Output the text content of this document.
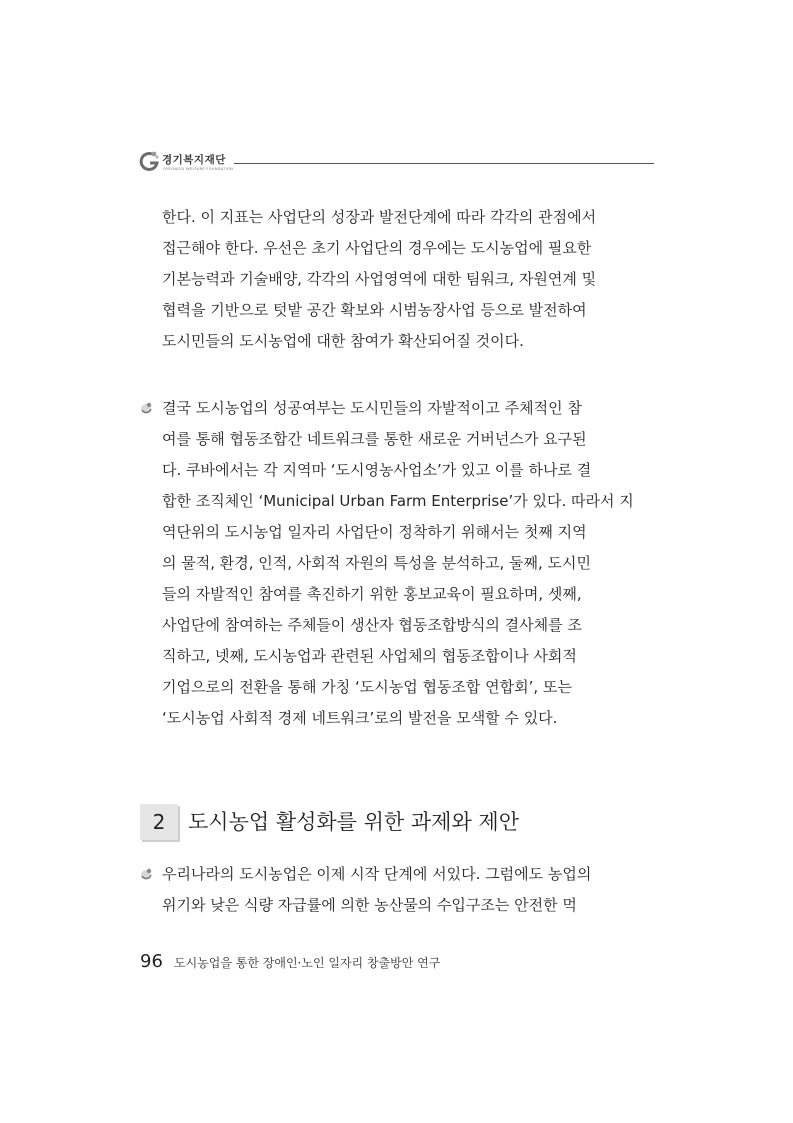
경기복지재단
GYEONGGI WELFARE FOUNDATION
한다. 이 지표는 사업단의 성장과 발전단계에 따라 각각의 관점에서
접근해야 한다. 우선은 초기 사업단의 경우에는 도시농업에 필요한
기본능력과 기술배양, 각각의 사업영역에 대한 팀워크, 자원연계 및
협력을 기반으로 텃밭 공간 확보와 시범농장사업 등으로 발전하여
도시민들의 도시농업에 대한 참여가 확산되어질 것이다.
결국 도시농업의 성공여부는 도시민들의 자발적이고 주체적인 참
여를 통해 협동조합간 네트워크를 통한 새로운 거버넌스가 요구된
다. 쿠바에서는 각 지역마 ‘도시영농사업소’가 있고 이를 하나로 결
합한 조직체인 ‘Municipal Urban Farm Enterprise’가 있다. 따라서 지
역단위의 도시농업 일자리 사업단이 정착하기 위해서는 첫째 지역
의 물적, 환경, 인적, 사회적 자원의 특성을 분석하고, 둘째, 도시민
들의 자발적인 참여를 촉진하기 위한 홍보교육이 필요하며, 셋째,
사업단에 참여하는 주체들이 생산자 협동조합방식의 결사체를 조
직하고, 넷째, 도시농업과 관련된 사업체의 협동조합이나 사회적
기업으로의 전환을 통해 가칭 ‘도시농업 협동조합 연합회’, 또는
‘도시농업 사회적 경제 네트워크’로의 발전을 모색할 수 있다.
2	도시농업 활성화를 위한 과제와 제안
우리나라의 도시농업은 이제 시작 단계에 서있다. 그럼에도 농업의
위기와 낮은 식량 자급률에 의한 농산물의 수입구조는 안전한 먹
96 도시농업을 통한 장애인·노인 일자리 창출방안 연구
